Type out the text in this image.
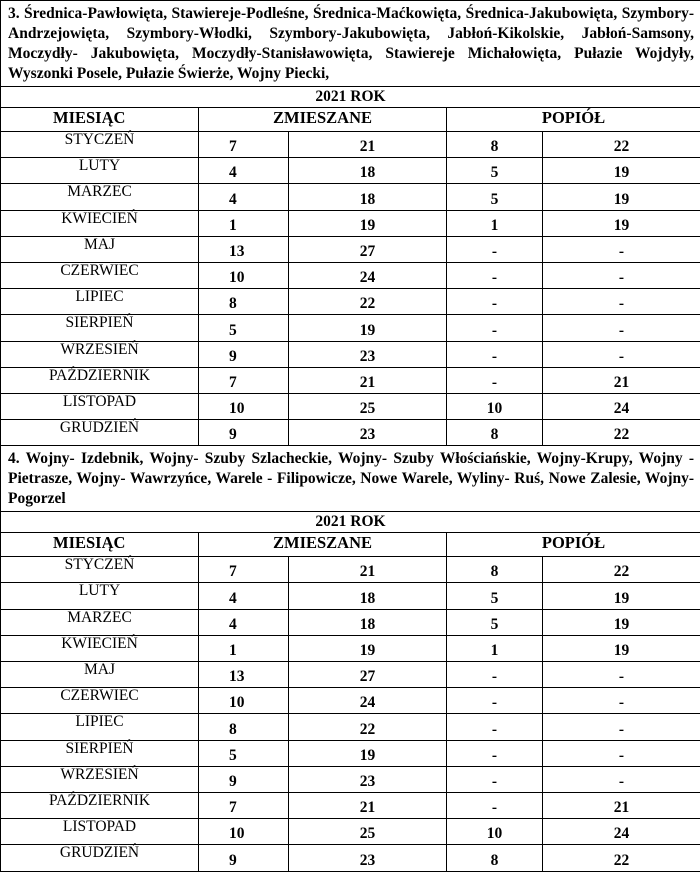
3. Średnica-Pawłowięta, Stawiereje-Podleśne, Średnica-Maćkowięta, Średnica-Jakubowięta, Szymbory-Andrzejowięta, Szymbory-Włodki, Szymbory-Jakubowięta, Jabłoń-Kikolskie, Jabłoń-Samsony, Moczydły- Jakubowięta, Moczydły-Stanisławowięta, Stawiereje Michałowięta, Pułazie Wojdyły, Wyszonki Posele, Pułazie Świerże, Wojny Piecki,				

2021 ROK				
MIESIĄC	ZMIESZANE		POPIÓŁ	
STYCZEŃ	7	21	8	22
LUTY	4	18	5	19
MARZEC	4	18	5	19
KWIECIEŃ	1	19	1	19
MAJ	13	27	-	-
CZERWIEC	10	24	-	-
LIPIEC	8	22	-	-
SIERPIEŃ	5	19	-	-
WRZESIEŃ	9	23	-	-
PAŹDZIERNIK	7	21	-	21
LISTOPAD	10	25	10	24
GRUDZIEŃ	9	23	8	22

4. Wojny- Izdebnik, Wojny- Szuby Szlacheckie, Wojny- Szuby Włościańskie, Wojny-Krupy, Wojny -Pietrasze, Wojny- Wawrzyńce, Warele - Filipowicze, Nowe Warele, Wyliny- Ruś, Nowe Zalesie, Wojny- Pogorzel				

2021 ROK				
MIESIĄC	ZMIESZANE		POPIÓŁ	
STYCZEŃ	7	21	8	22
LUTY	4	18	5	19
MARZEC	4	18	5	19
KWIECIEŃ	1	19	1	19
MAJ	13	27	-	-
CZERWIEC	10	24	-	-
LIPIEC	8	22	-	-
SIERPIEŃ	5	19	-	-
WRZESIEŃ	9	23	-	-
PAŹDZIERNIK	7	21	-	21
LISTOPAD	10	25	10	24
GRUDZIEŃ	9	23	8	22
